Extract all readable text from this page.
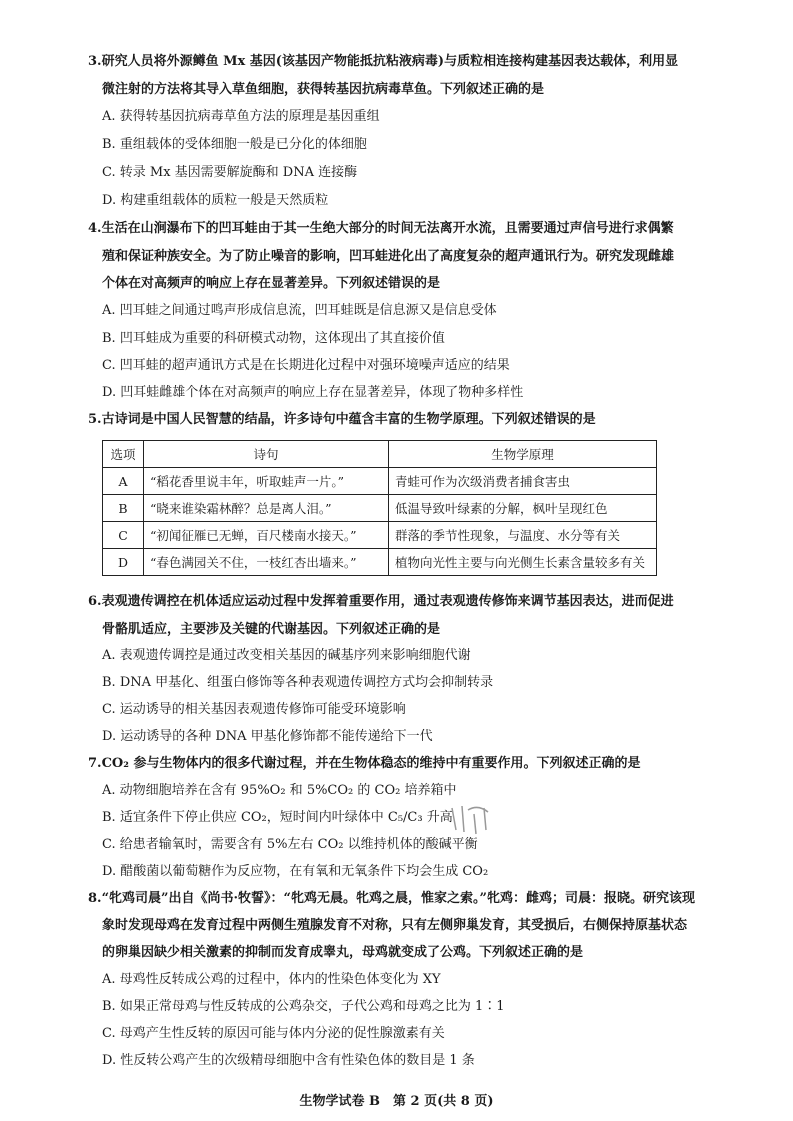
3.研究人员将外源鳟鱼 Mx 基因(该基因产物能抵抗粘液病毒)与质粒相连接构建基因表达载体，利用显
微注射的方法将其导入草鱼细胞，获得转基因抗病毒草鱼。下列叙述正确的是
A. 获得转基因抗病毒草鱼方法的原理是基因重组
B. 重组载体的受体细胞一般是已分化的体细胞
C. 转录 Mx 基因需要解旋酶和 DNA 连接酶
D. 构建重组载体的质粒一般是天然质粒
4.生活在山涧瀑布下的凹耳蛙由于其一生绝大部分的时间无法离开水流，且需要通过声信号进行求偶繁
殖和保证种族安全。为了防止噪音的影响，凹耳蛙进化出了高度复杂的超声通讯行为。研究发现雌雄
个体在对高频声的响应上存在显著差异。下列叙述错误的是
A. 凹耳蛙之间通过鸣声形成信息流，凹耳蛙既是信息源又是信息受体
B. 凹耳蛙成为重要的科研模式动物，这体现出了其直接价值
C. 凹耳蛙的超声通讯方式是在长期进化过程中对强环境噪声适应的结果
D. 凹耳蛙雌雄个体在对高频声的响应上存在显著差异，体现了物种多样性
5.古诗词是中国人民智慧的结晶，许多诗句中蕴含丰富的生物学原理。下列叙述错误的是
选项	诗句	生物学原理
A	“稻花香里说丰年，听取蛙声一片。”	青蛙可作为次级消费者捕食害虫
B	“晓来谁染霜林醉？总是离人泪。”	低温导致叶绿素的分解，枫叶呈现红色
C	“初闻征雁已无蝉，百尺楼南水接天。”	群落的季节性现象，与温度、水分等有关
D	“春色满园关不住，一枝红杏出墙来。”	植物向光性主要与向光侧生长素含量较多有关
6.表观遗传调控在机体适应运动过程中发挥着重要作用，通过表观遗传修饰来调节基因表达，进而促进
骨骼肌适应，主要涉及关键的代谢基因。下列叙述正确的是
A. 表观遗传调控是通过改变相关基因的碱基序列来影响细胞代谢
B. DNA 甲基化、组蛋白修饰等各种表观遗传调控方式均会抑制转录
C. 运动诱导的相关基因表观遗传修饰可能受环境影响
D. 运动诱导的各种 DNA 甲基化修饰都不能传递给下一代
7.CO₂ 参与生物体内的很多代谢过程，并在生物体稳态的维持中有重要作用。下列叙述正确的是
A. 动物细胞培养在含有 95%O₂ 和 5%CO₂ 的 CO₂ 培养箱中
B. 适宜条件下停止供应 CO₂，短时间内叶绿体中 C₅/C₃ 升高
C. 给患者输氧时，需要含有 5%左右 CO₂ 以维持机体的酸碱平衡
D. 醋酸菌以葡萄糖作为反应物，在有氧和无氧条件下均会生成 CO₂
8.“牝鸡司晨”出自《尚书·牧誓》：“牝鸡无晨。牝鸡之晨，惟家之索。”牝鸡：雌鸡；司晨：报晓。研究该现
象时发现母鸡在发育过程中两侧生殖腺发育不对称，只有左侧卵巢发育，其受损后，右侧保持原基状态
的卵巢因缺少相关激素的抑制而发育成睾丸，母鸡就变成了公鸡。下列叙述正确的是
A. 母鸡性反转成公鸡的过程中，体内的性染色体变化为 XY
B. 如果正常母鸡与性反转成的公鸡杂交，子代公鸡和母鸡之比为 1∶1
C. 母鸡产生性反转的原因可能与体内分泌的促性腺激素有关
D. 性反转公鸡产生的次级精母细胞中含有性染色体的数目是 1 条
生物学试卷 B　第 2 页(共 8 页)
